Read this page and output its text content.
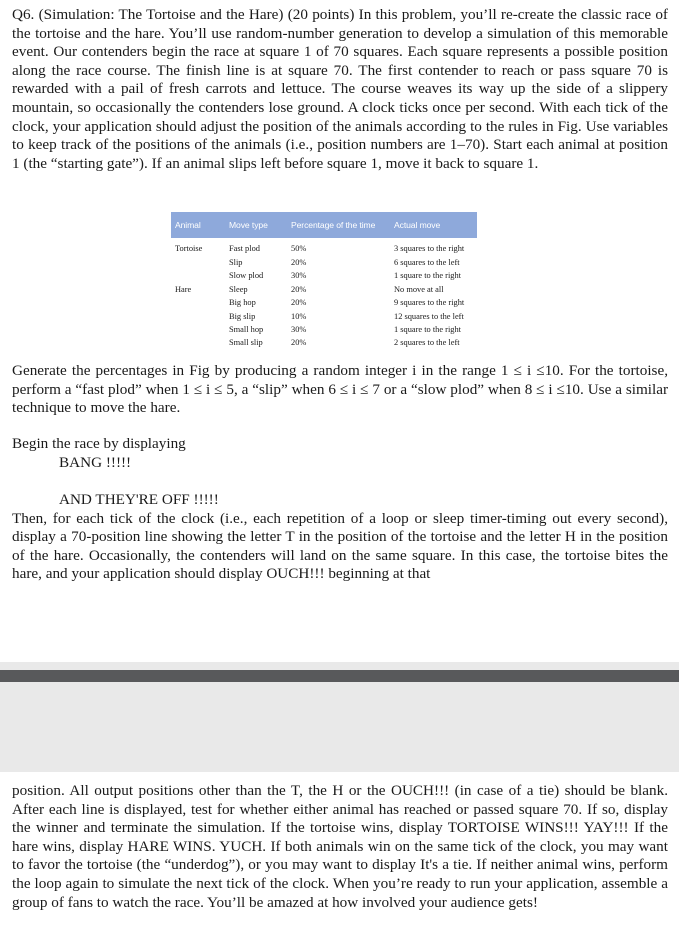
Q6. (Simulation: The Tortoise and the Hare) (20 points) In this problem, you’ll re-create the classic race of the tortoise and the hare. You’ll use random-number generation to develop a simulation of this memorable event. Our contenders begin the race at square 1 of 70 squares. Each square represents a possible position along the race course. The finish line is at square 70. The first contender to reach or pass square 70 is rewarded with a pail of fresh carrots and lettuce. The course weaves its way up the side of a slippery mountain, so occasionally the contenders lose ground. A clock ticks once per second. With each tick of the clock, your application should adjust the position of the animals according to the rules in Fig. Use variables to keep track of the positions of the animals (i.e., position numbers are 1–70). Start each animal at position 1 (the “starting gate”). If an animal slips left before square 1, move it back to square 1.

Animal	Move type	Percentage of the time	Actual move
Tortoise	Fast plod	50%	3 squares to the right
	Slip	20%	6 squares to the left
	Slow plod	30%	1 square to the right
Hare	Sleep	20%	No move at all
	Big hop	20%	9 squares to the right
	Big slip	10%	12 squares to the left
	Small hop	30%	1 square to the right
	Small slip	20%	2 squares to the left

Generate the percentages in Fig by producing a random integer i in the range 1 ≤ i ≤10. For the tortoise, perform a “fast plod” when 1 ≤ i ≤ 5, a “slip” when 6 ≤ i ≤ 7 or a “slow plod” when 8 ≤ i ≤10. Use a similar technique to move the hare.

Begin the race by displaying
BANG !!!!!
AND THEY'RE OFF !!!!!
Then, for each tick of the clock (i.e., each repetition of a loop or sleep timer-timing out every second), display a 70-position line showing the letter T in the position of the tortoise and the letter H in the position of the hare. Occasionally, the contenders will land on the same square. In this case, the tortoise bites the hare, and your application should display OUCH!!! beginning at that

position. All output positions other than the T, the H or the OUCH!!! (in case of a tie) should be blank. After each line is displayed, test for whether either animal has reached or passed square 70. If so, display the winner and terminate the simulation. If the tortoise wins, display TORTOISE WINS!!! YAY!!! If the hare wins, display HARE WINS. YUCH. If both animals win on the same tick of the clock, you may want to favor the tortoise (the “underdog”), or you may want to display It's a tie. If neither animal wins, perform the loop again to simulate the next tick of the clock. When you’re ready to run your application, assemble a group of fans to watch the race. You’ll be amazed at how involved your audience gets!
